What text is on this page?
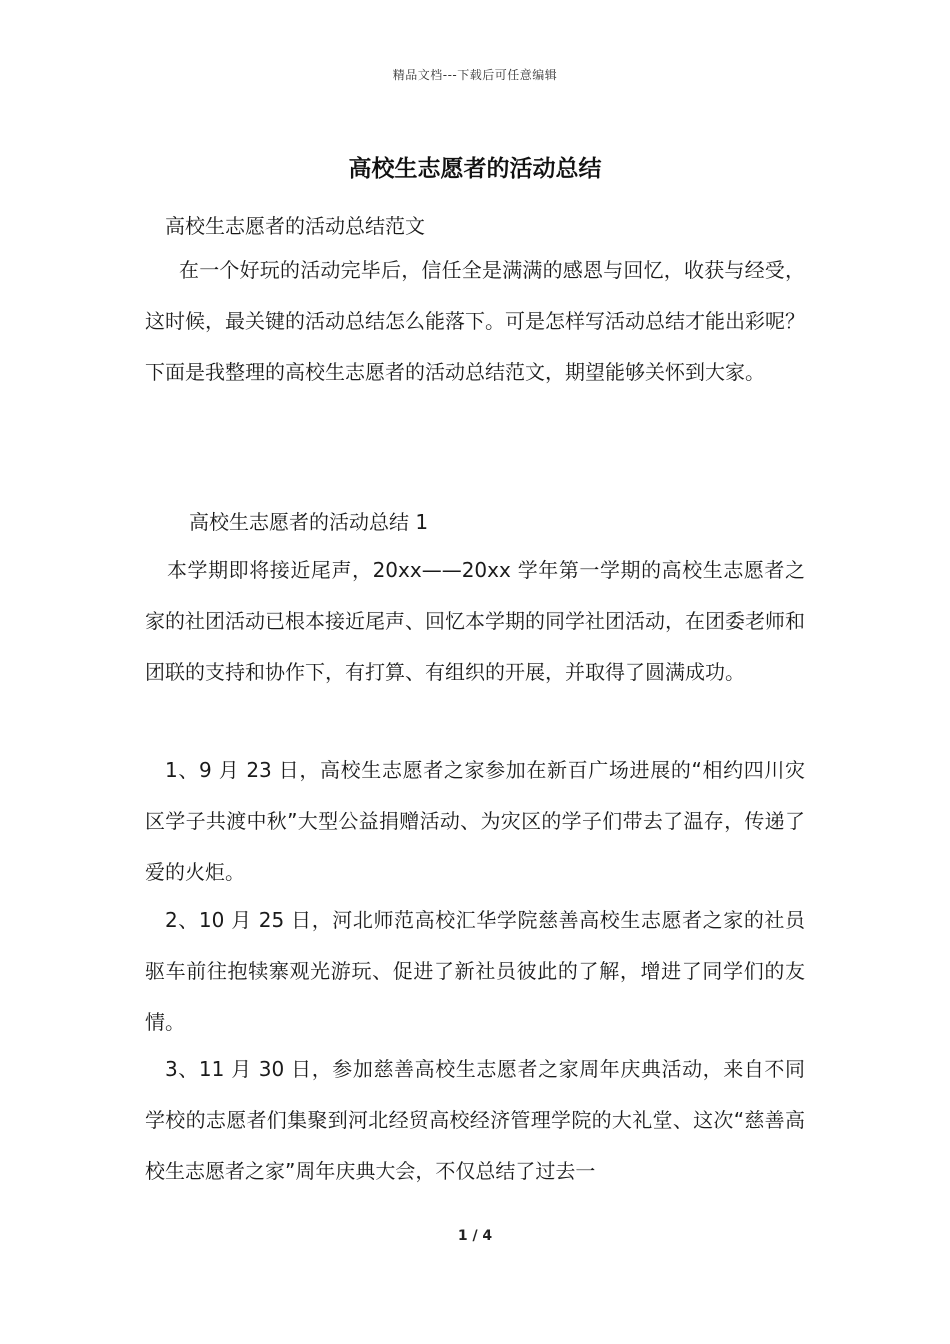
精品文档---下载后可任意编辑
高校生志愿者的活动总结
高校生志愿者的活动总结范文

在一个好玩的活动完毕后，信任全是满满的感恩与回忆，收获与经受，这时候，最关键的活动总结怎么能落下。可是怎样写活动总结才能出彩呢？下面是我整理的高校生志愿者的活动总结范文，期望能够关怀到大家。

高校生志愿者的活动总结 1

本学期即将接近尾声，20xx——20xx 学年第一学期的高校生志愿者之家的社团活动已根本接近尾声、回忆本学期的同学社团活动，在团委老师和团联的支持和协作下，有打算、有组织的开展，并取得了圆满成功。

1、9 月 23 日，高校生志愿者之家参加在新百广场进展的“相约四川灾区学子共渡中秋”大型公益捐赠活动、为灾区的学子们带去了温存，传递了爱的火炬。

2、10 月 25 日，河北师范高校汇华学院慈善高校生志愿者之家的社员驱车前往抱犊寨观光游玩、促进了新社员彼此的了解，增进了同学们的友情。

3、11 月 30 日，参加慈善高校生志愿者之家周年庆典活动，来自不同学校的志愿者们集聚到河北经贸高校经济管理学院的大礼堂、这次“慈善高校生志愿者之家”周年庆典大会，不仅总结了过去一

1 / 4
